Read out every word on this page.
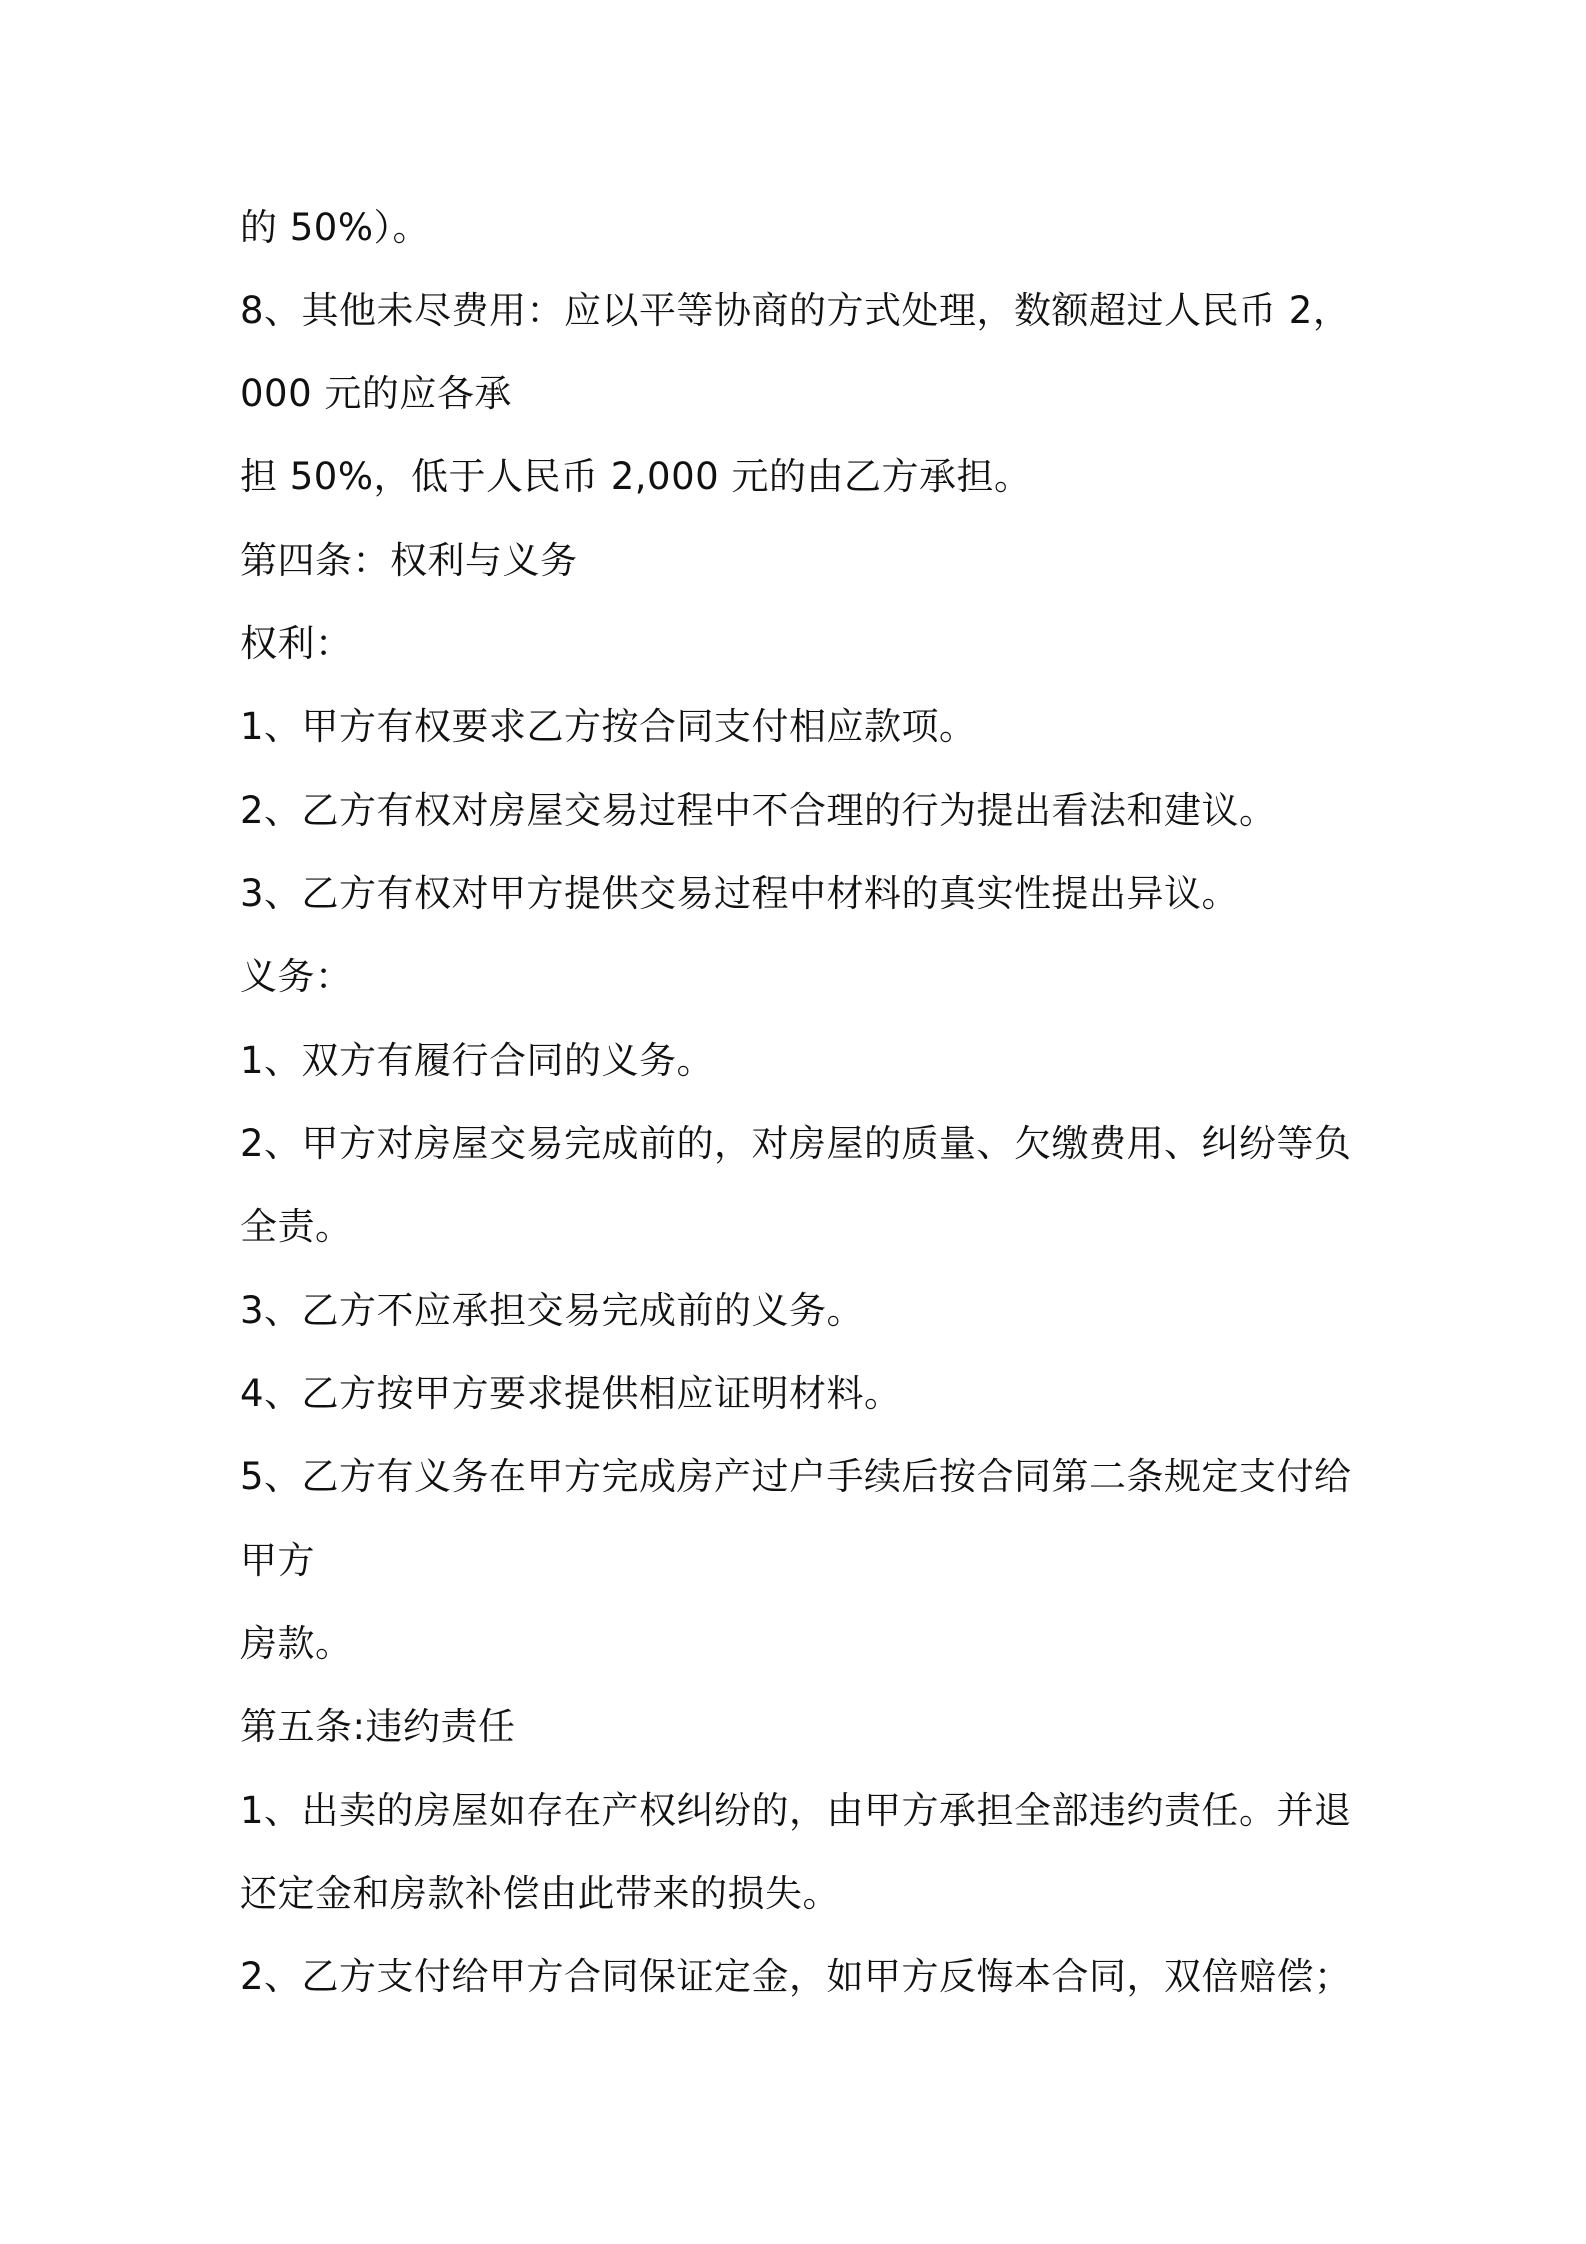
的 50%）。
8、其他未尽费用：应以平等协商的方式处理，数额超过人民币 2，
000 元的应各承
担 50%，低于人民币 2,000 元的由乙方承担。
第四条：权利与义务
权利：
1、甲方有权要求乙方按合同支付相应款项。
2、乙方有权对房屋交易过程中不合理的行为提出看法和建议。
3、乙方有权对甲方提供交易过程中材料的真实性提出异议。
义务：
1、双方有履行合同的义务。
2、甲方对房屋交易完成前的，对房屋的质量、欠缴费用、纠纷等负
全责。
3、乙方不应承担交易完成前的义务。
4、乙方按甲方要求提供相应证明材料。
5、乙方有义务在甲方完成房产过户手续后按合同第二条规定支付给
甲方
房款。
第五条:违约责任
1、出卖的房屋如存在产权纠纷的，由甲方承担全部违约责任。并退
还定金和房款补偿由此带来的损失。
2、乙方支付给甲方合同保证定金，如甲方反悔本合同，双倍赔偿；
